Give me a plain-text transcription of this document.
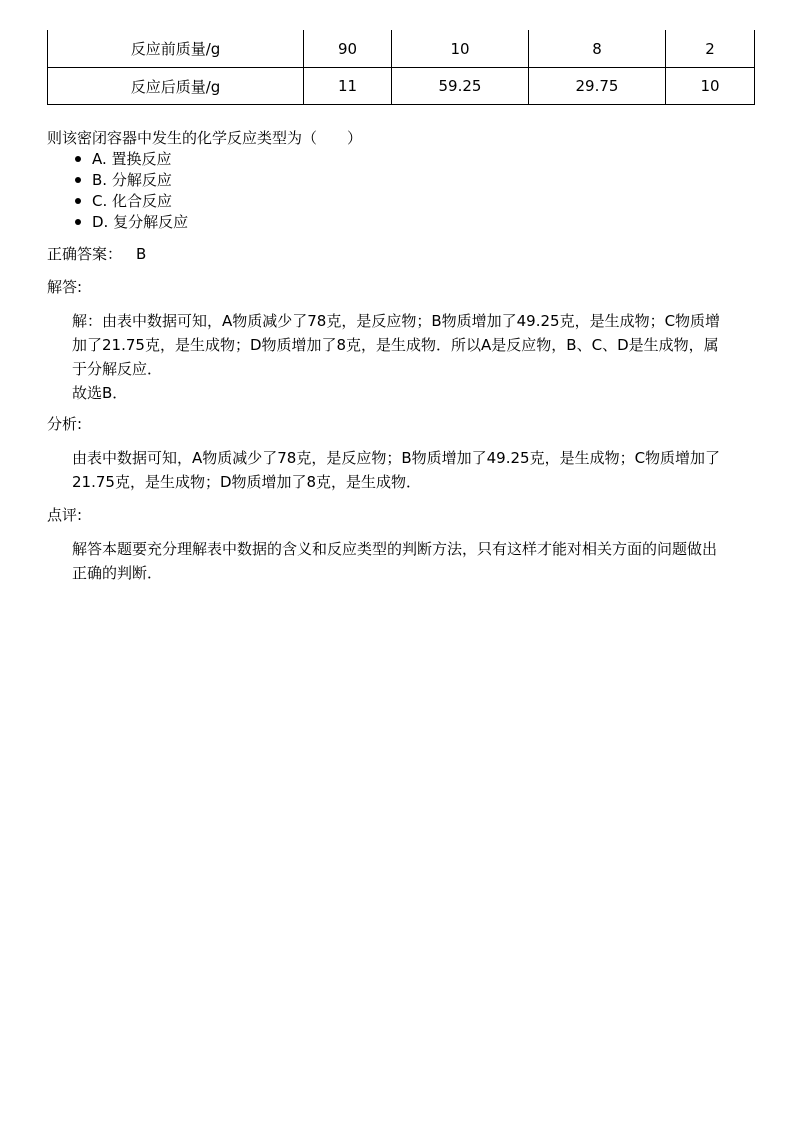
反应前质量/g	90	10	8	2
反应后质量/g	11	59.25	29.75	10
则该密闭容器中发生的化学反应类型为（　　）
A. 置换反应
B. 分解反应
C. 化合反应
D. 复分解反应
正确答案： B
解答:

解：由表中数据可知，A物质减少了78克，是反应物；B物质增加了49.25克，是生成物；C物质增加了21.75克，是生成物；D物质增加了8克，是生成物．所以A是反应物，B、C、D是生成物，属于分解反应．

故选B．

分析:

由表中数据可知，A物质减少了78克，是反应物；B物质增加了49.25克，是生成物；C物质增加了21.75克，是生成物；D物质增加了8克，是生成物．

点评:

解答本题要充分理解表中数据的含义和反应类型的判断方法，只有这样才能对相关方面的问题做出正确的判断．
